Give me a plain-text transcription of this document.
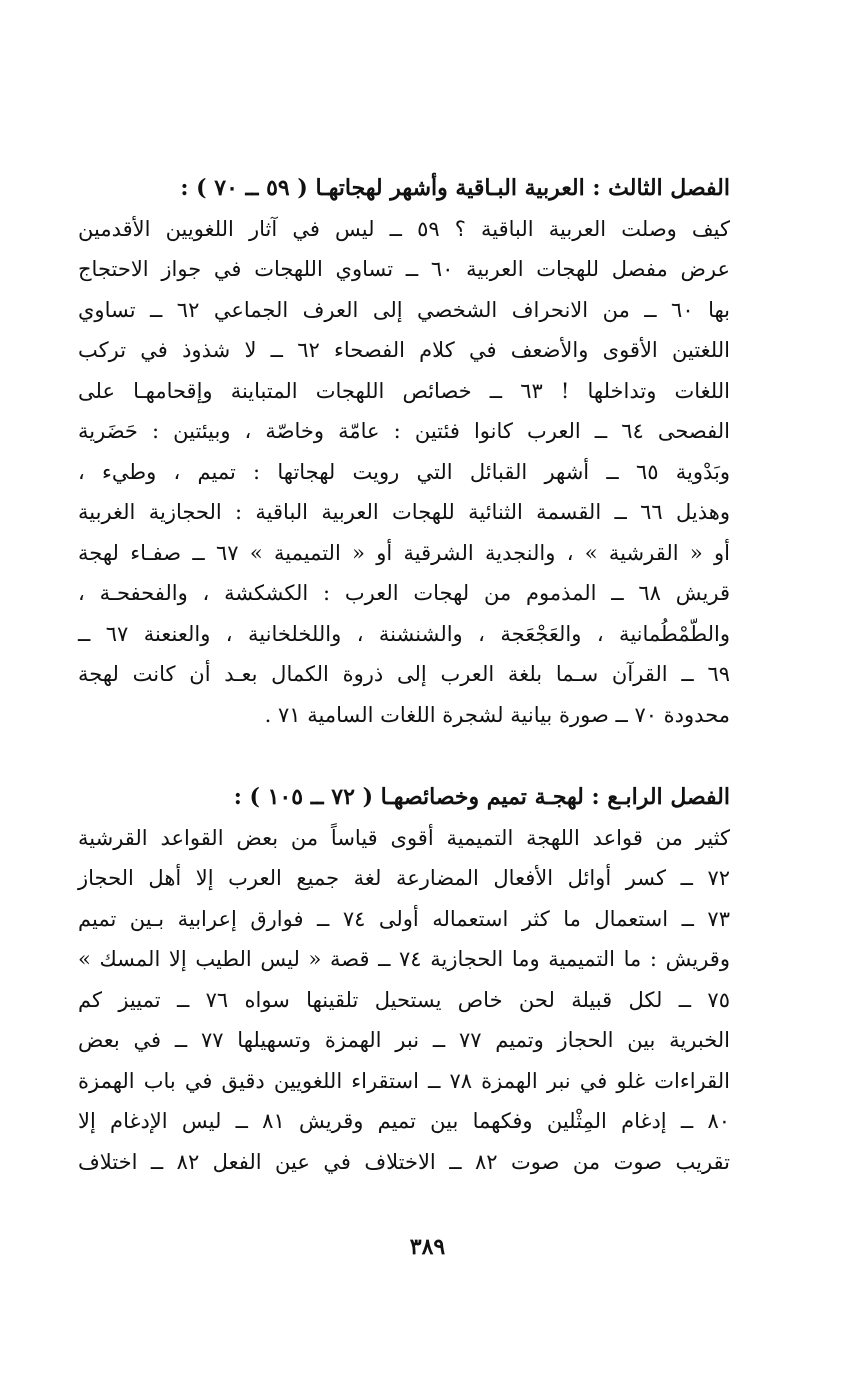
الفصل الثالث : العربية البـاقية وأشهر لهجاتهـا ( ٥٩ ــ ٧٠ ) :
كيف وصلت العربية الباقية ؟ ٥٩ ــ ليس في آثار اللغويين الأقدمين
عرض مفصل للهجات العربية ٦٠ ــ تساوي اللهجات في جواز الاحتجاج
بها ٦٠ ــ من الانحراف الشخصي إلى العرف الجماعي ٦٢ ــ تساوي
اللغتين الأقوى والأضعف في كلام الفصحاء ٦٢ ــ لا شذوذ في تركب
اللغات وتداخلها ! ٦٣ ــ خصائص اللهجات المتباينة وإقحامهـا على
الفصحى ٦٤ ــ العرب كانوا فئتين : عامّة وخاصّة ، وبيئتين : حَضَرية
وبَدْوية ٦٥ ــ أشهر القبائل التي رويت لهجاتها : تميم ، وطيء ،
وهذيل ٦٦ ــ القسمة الثنائية للهجات العربية الباقية : الحجازية الغربية
أو « القرشية » ، والنجدية الشرقية أو « التميمية » ٦٧ ــ صفـاء لهجة
قريش ٦٨ ــ المذموم من لهجات العرب : الكشكشة ، والفحفحـة ،
والطّمْطُمانية ، والعَجْعَجة ، والشنشنة ، واللخلخانية ، والعنعنة ٦٧ ــ
٦٩ ــ القرآن سـما بلغة العرب إلى ذروة الكمال بعـد أن كانت لهجة
محدودة ٧٠ ــ صورة بيانية لشجرة اللغات السامية ٧١ .
الفصل الرابـع : لهجـة تميم وخصائصهـا ( ٧٢ ــ ١٠٥ ) :
كثير من قواعد اللهجة التميمية أقوى قياساً من بعض القواعد القرشية
٧٢ ــ كسر أوائل الأفعال المضارعة لغة جميع العرب إلا أهل الحجاز
٧٣ ــ استعمال ما كثر استعماله أولى ٧٤ ــ فوارق إعرابية بـين تميم
وقريش : ما التميمية وما الحجازية ٧٤ ــ قصة « ليس الطيب إلا المسك »
٧٥ ــ لكل قبيلة لحن خاص يستحيل تلقينها سواه ٧٦ ــ تمييز كم
الخبرية بين الحجاز وتميم ٧٧ ــ نبر الهمزة وتسهيلها ٧٧ ــ في بعض
القراءات غلو في نبر الهمزة ٧٨ ــ استقراء اللغويين دقيق في باب الهمزة
٨٠ ــ إدغام المِثْلين وفكهما بين تميم وقريش ٨١ ــ ليس الإدغام إلا
تقريب صوت من صوت ٨٢ ــ الاختلاف في عين الفعل ٨٢ ــ اختلاف
٣٨٩
